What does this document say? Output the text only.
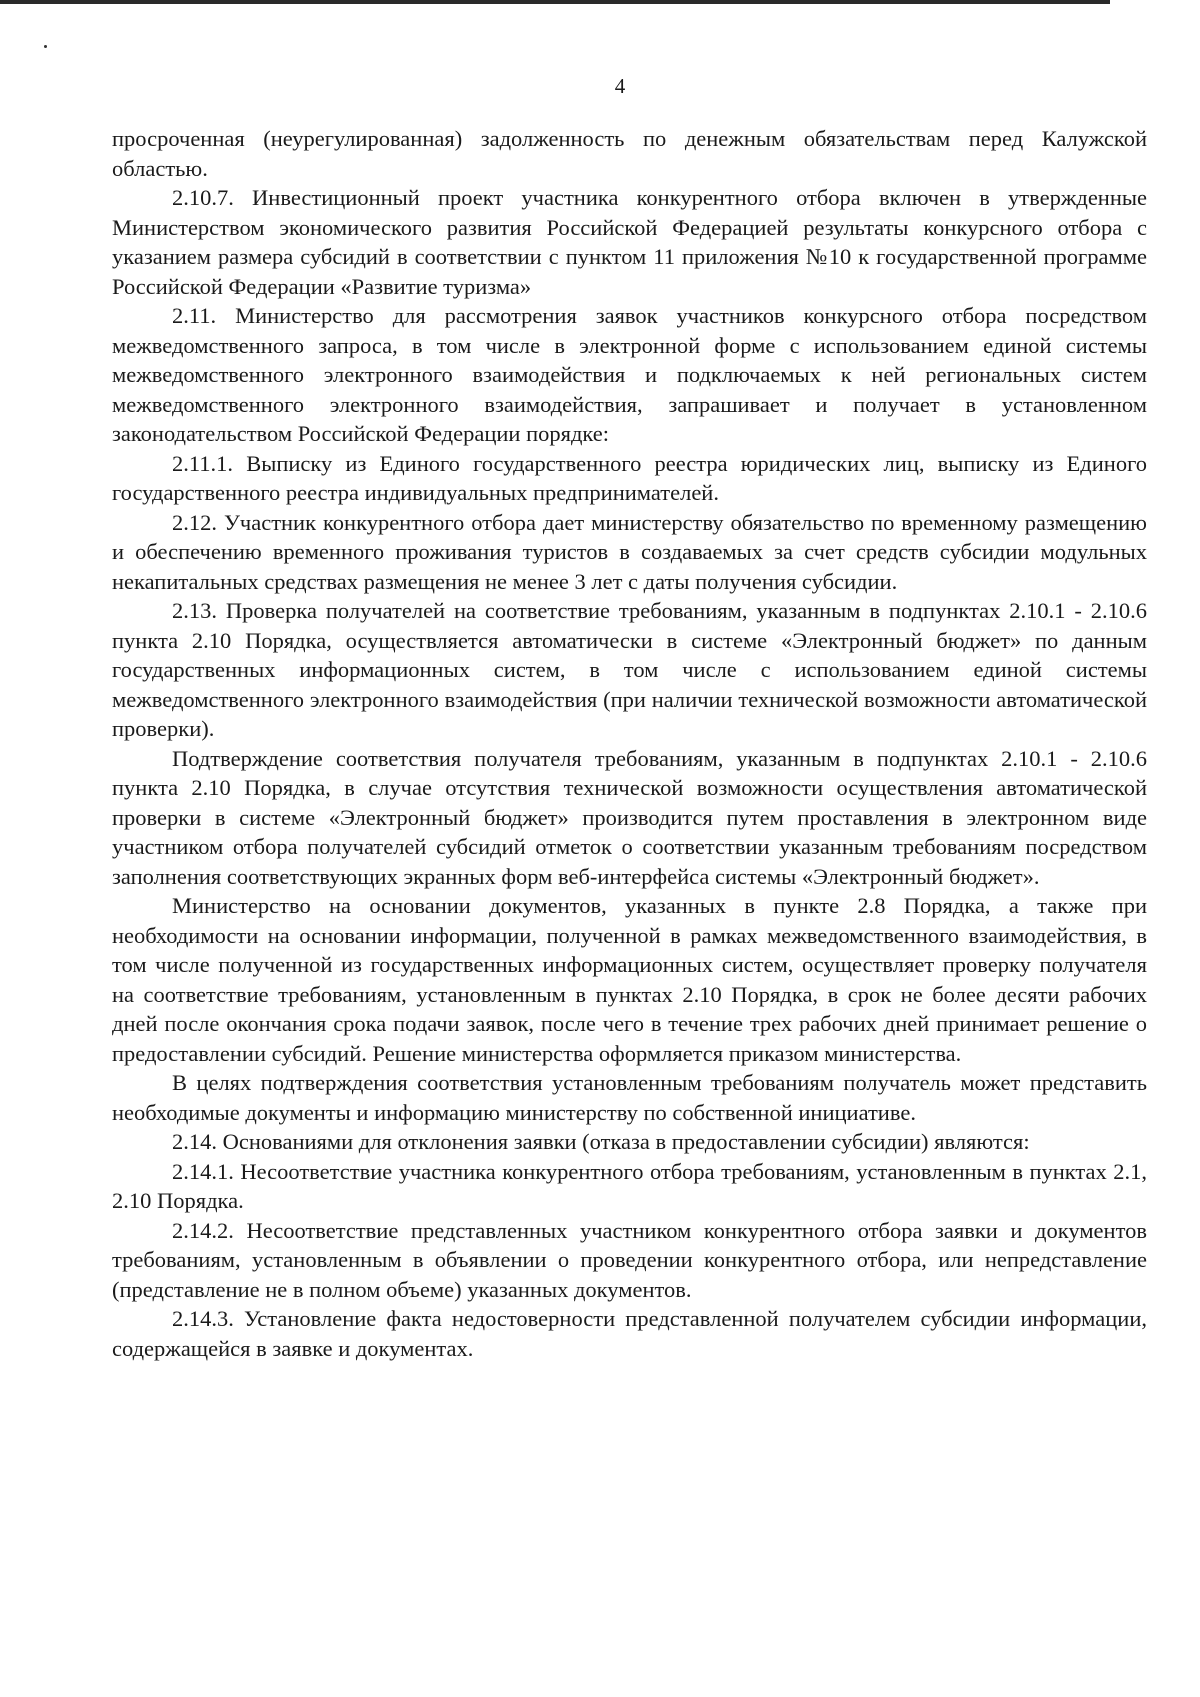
4

просроченная (неурегулированная) задолженность по денежным обязательствам перед Калужской областью.

2.10.7. Инвестиционный проект участника конкурентного отбора включен в утвержденные Министерством экономического развития Российской Федерацией результаты конкурсного отбора с указанием размера субсидий в соответствии с пунктом 11 приложения №10 к государственной программе Российской Федерации «Развитие туризма»

2.11. Министерство для рассмотрения заявок участников конкурсного отбора посредством межведомственного запроса, в том числе в электронной форме с использованием единой системы межведомственного электронного взаимодействия и подключаемых к ней региональных систем межведомственного электронного взаимодействия, запрашивает и получает в установленном законодательством Российской Федерации порядке:

2.11.1. Выписку из Единого государственного реестра юридических лиц, выписку из Единого государственного реестра индивидуальных предпринимателей.

2.12. Участник конкурентного отбора дает министерству обязательство по временному размещению и обеспечению временного проживания туристов в создаваемых за счет средств субсидии модульных некапитальных средствах размещения не менее 3 лет с даты получения субсидии.

2.13. Проверка получателей на соответствие требованиям, указанным в подпунктах 2.10.1 - 2.10.6 пункта 2.10 Порядка, осуществляется автоматически в системе «Электронный бюджет» по данным государственных информационных систем, в том числе с использованием единой системы межведомственного электронного взаимодействия (при наличии технической возможности автоматической проверки).

Подтверждение соответствия получателя требованиям, указанным в подпунктах 2.10.1 - 2.10.6 пункта 2.10 Порядка, в случае отсутствия технической возможности осуществления автоматической проверки в системе «Электронный бюджет» производится путем проставления в электронном виде участником отбора получателей субсидий отметок о соответствии указанным требованиям посредством заполнения соответствующих экранных форм веб-интерфейса системы «Электронный бюджет».

Министерство на основании документов, указанных в пункте 2.8 Порядка, а также при необходимости на основании информации, полученной в рамках межведомственного взаимодействия, в том числе полученной из государственных информационных систем, осуществляет проверку получателя на соответствие требованиям, установленным в пунктах 2.10 Порядка, в срок не более десяти рабочих дней после окончания срока подачи заявок, после чего в течение трех рабочих дней принимает решение о предоставлении субсидий. Решение министерства оформляется приказом министерства.

В целях подтверждения соответствия установленным требованиям получатель может представить необходимые документы и информацию министерству по собственной инициативе.

2.14. Основаниями для отклонения заявки (отказа в предоставлении субсидии) являются:

2.14.1. Несоответствие участника конкурентного отбора требованиям, установленным в пунктах 2.1, 2.10 Порядка.

2.14.2. Несоответствие представленных участником конкурентного отбора заявки и документов требованиям, установленным в объявлении о проведении конкурентного отбора, или непредставление (представление не в полном объеме) указанных документов.

2.14.3. Установление факта недостоверности представленной получателем субсидии информации, содержащейся в заявке и документах.
